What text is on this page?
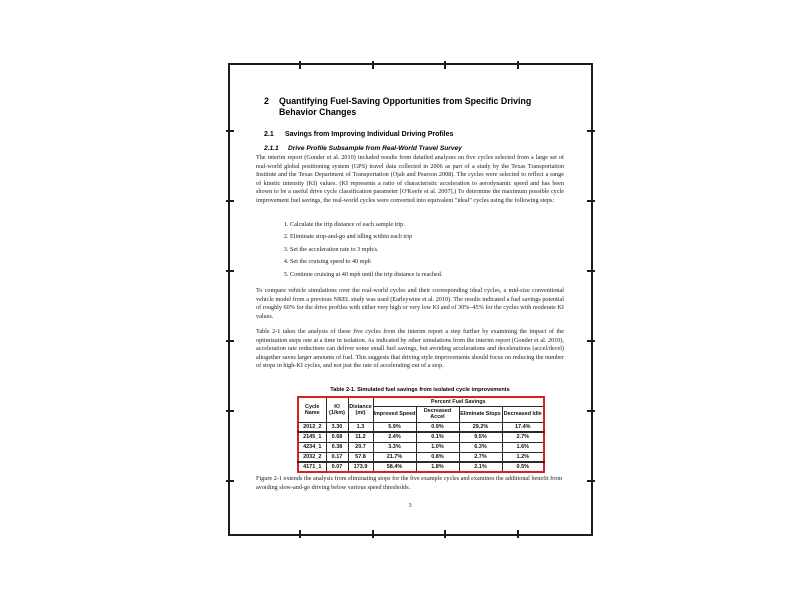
2	Quantifying Fuel-Saving Opportunities from Specific Driving Behavior Changes
2.1	Savings from Improving Individual Driving Profiles
2.1.1	Drive Profile Subsample from Real-World Travel Survey

The interim report (Gonder et al. 2010) included results from detailed analyses on five cycles selected from a large set of real-world global positioning system (GPS) travel data collected in 2006 as part of a study by the Texas Transportation Institute and the Texas Department of Transportation (Ojah and Pearson 2008). The cycles were selected to reflect a range of kinetic intensity (KI) values. (KI represents a ratio of characteristic acceleration to aerodynamic speed and has been shown to be a useful drive cycle classification parameter [O'Keefe et al. 2007].) To determine the maximum possible cycle improvement fuel savings, the real-world cycles were converted into equivalent "ideal" cycles using the following steps:

1. Calculate the trip distance of each sample trip.
2. Eliminate stop-and-go and idling within each trip
3. Set the acceleration rate to 3 mph/s.
4. Set the cruising speed to 40 mph
5. Continue cruising at 40 mph until the trip distance is reached.

To compare vehicle simulations over the real-world cycles and their corresponding ideal cycles, a mid-size conventional vehicle model from a previous NREL study was used (Earleywine et al. 2010). The results indicated a fuel savings potential of roughly 60% for the drive profiles with either very high or very low KI and of 30%–45% for the cycles with moderate KI values.

Table 2-1 takes the analysis of these five cycles from the interim report a step further by examining the impact of the optimization steps one at a time in isolation. As indicated by other simulations from the interim report (Gonder et al. 2010), acceleration rate reductions can deliver some small fuel savings, but avoiding accelerations and decelerations (accel/decel) altogether saves larger amounts of fuel. This suggests that driving style improvements should focus on reducing the number of stops in high-KI cycles, and not just the rate of accelerating out of a stop.

Table 2-1. Simulated fuel savings from isolated cycle improvements
Cycle Name	KI (1/km)	Distance (mi)	Percent Fuel Savings			
			Improved Speed	Decreased Accel	Eliminate Stops	Decreased Idle
2012_2	3.30	1.3	5.9%	0.9%	29.2%	17.4%
2145_1	0.68	11.2	2.4%	0.1%	9.5%	2.7%
4234_1	0.38	20.7	3.3%	1.0%	6.3%	1.6%
2032_2	0.17	57.8	21.7%	0.8%	2.7%	1.2%
4171_1	0.07	173.9	58.4%	1.8%	2.1%	0.5%

Figure 2-1 extends the analysis from eliminating stops for the five example cycles and examines the additional benefit from avoiding slow-and-go driving below various speed thresholds.

3
